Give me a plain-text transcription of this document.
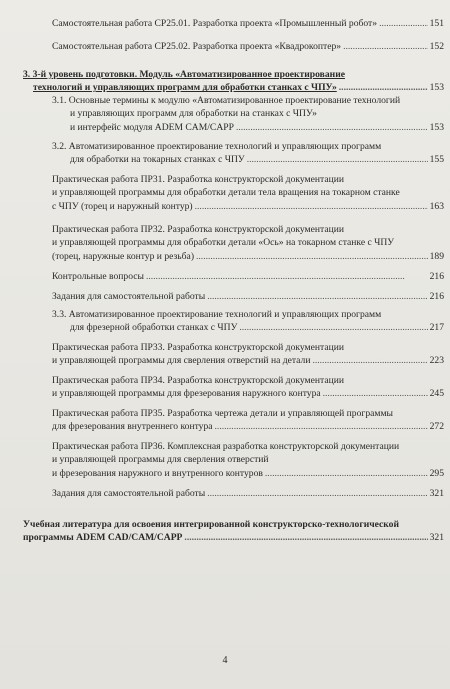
Самостоятельная работа СР25.01. Разработка проекта «Промышленный робот» . . .	151
Самостоятельная работа СР25.02. Разработка проекта «Квадрокоптер» . . .	152
3. 3-й уровень подготовки. Модуль «Автоматизированное проектирование
технологий и управляющих программ для обработки станках с ЧПУ» . . .	153
3.1. Основные термины к модулю «Автоматизированное проектирование технологий
и управляющих программ для обработки на станках с ЧПУ»
и интерфейс модуля ADEM CAM/CAPP . . .	153
3.2. Автоматизированное проектирование технологий и управляющих программ
для обработки на токарных станках с ЧПУ . . .	155
Практическая работа ПР31. Разработка конструкторской документации
и управляющей программы для обработки детали тела вращения на токарном станке
с ЧПУ (торец и наружный контур) . . .	163
Практическая работа ПР32. Разработка конструкторской документации
и управляющей программы для обработки детали «Ось» на токарном станке с ЧПУ
(торец, наружные контур и резьба) . . .	189
Контрольные вопросы . . .	216
Задания для самостоятельной работы . . .	216
3.3. Автоматизированное проектирование технологий и управляющих программ
для фрезерной обработки станках с ЧПУ . . .	217
Практическая работа ПР33. Разработка конструкторской документации
и управляющей программы для сверления отверстий на детали . . .	223
Практическая работа ПР34. Разработка конструкторской документации
и управляющей программы для фрезерования наружного контура . . .	245
Практическая работа ПР35. Разработка чертежа детали и управляющей программы
для фрезерования внутреннего контура . . .	272
Практическая работа ПР36. Комплексная разработка конструкторской документации
и управляющей программы для сверления отверстий
и фрезерования наружного и внутренного контуров . . .	295
Задания для самостоятельной работы . . .	321
Учебная литература для освоения интегрированной конструкторско-технологической
программы ADEM CAD/CAM/CAPP . . .	321
4
